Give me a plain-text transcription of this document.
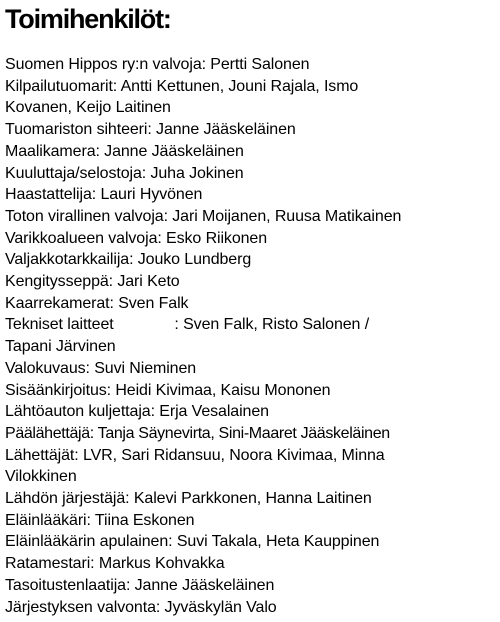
Toimihenkilöt:
Suomen Hippos ry:n valvoja: Pertti Salonen
Kilpailutuomarit: Antti Kettunen, Jouni Rajala, Ismo
Kovanen, Keijo Laitinen
Tuomariston sihteeri: Janne Jääskeläinen
Maalikamera: Janne Jääskeläinen
Kuuluttaja/selostoja: Juha Jokinen
Haastattelija: Lauri Hyvönen
Toton virallinen valvoja: Jari Moijanen, Ruusa Matikainen
Varikkoalueen valvoja: Esko Riikonen
Valjakkotarkkailija: Jouko Lundberg
Kengitysseppä: Jari Keto
Kaarrekamerat: Sven Falk
Tekniset laitteet              : Sven Falk, Risto Salonen /
Tapani Järvinen
Valokuvaus: Suvi Nieminen
Sisäänkirjoitus: Heidi Kivimaa, Kaisu Mononen
Lähtöauton kuljettaja: Erja Vesalainen
Päälähettäjä: Tanja Säynevirta, Sini-Maaret Jääskeläinen
Lähettäjät: LVR, Sari Ridansuu, Noora Kivimaa, Minna
Vilokkinen
Lähdön järjestäjä: Kalevi Parkkonen, Hanna Laitinen
Eläinlääkäri: Tiina Eskonen
Eläinlääkärin apulainen: Suvi Takala, Heta Kauppinen
Ratamestari: Markus Kohvakka
Tasoitustenlaatija: Janne Jääskeläinen
Järjestyksen valvonta: Jyväskylän Valo
